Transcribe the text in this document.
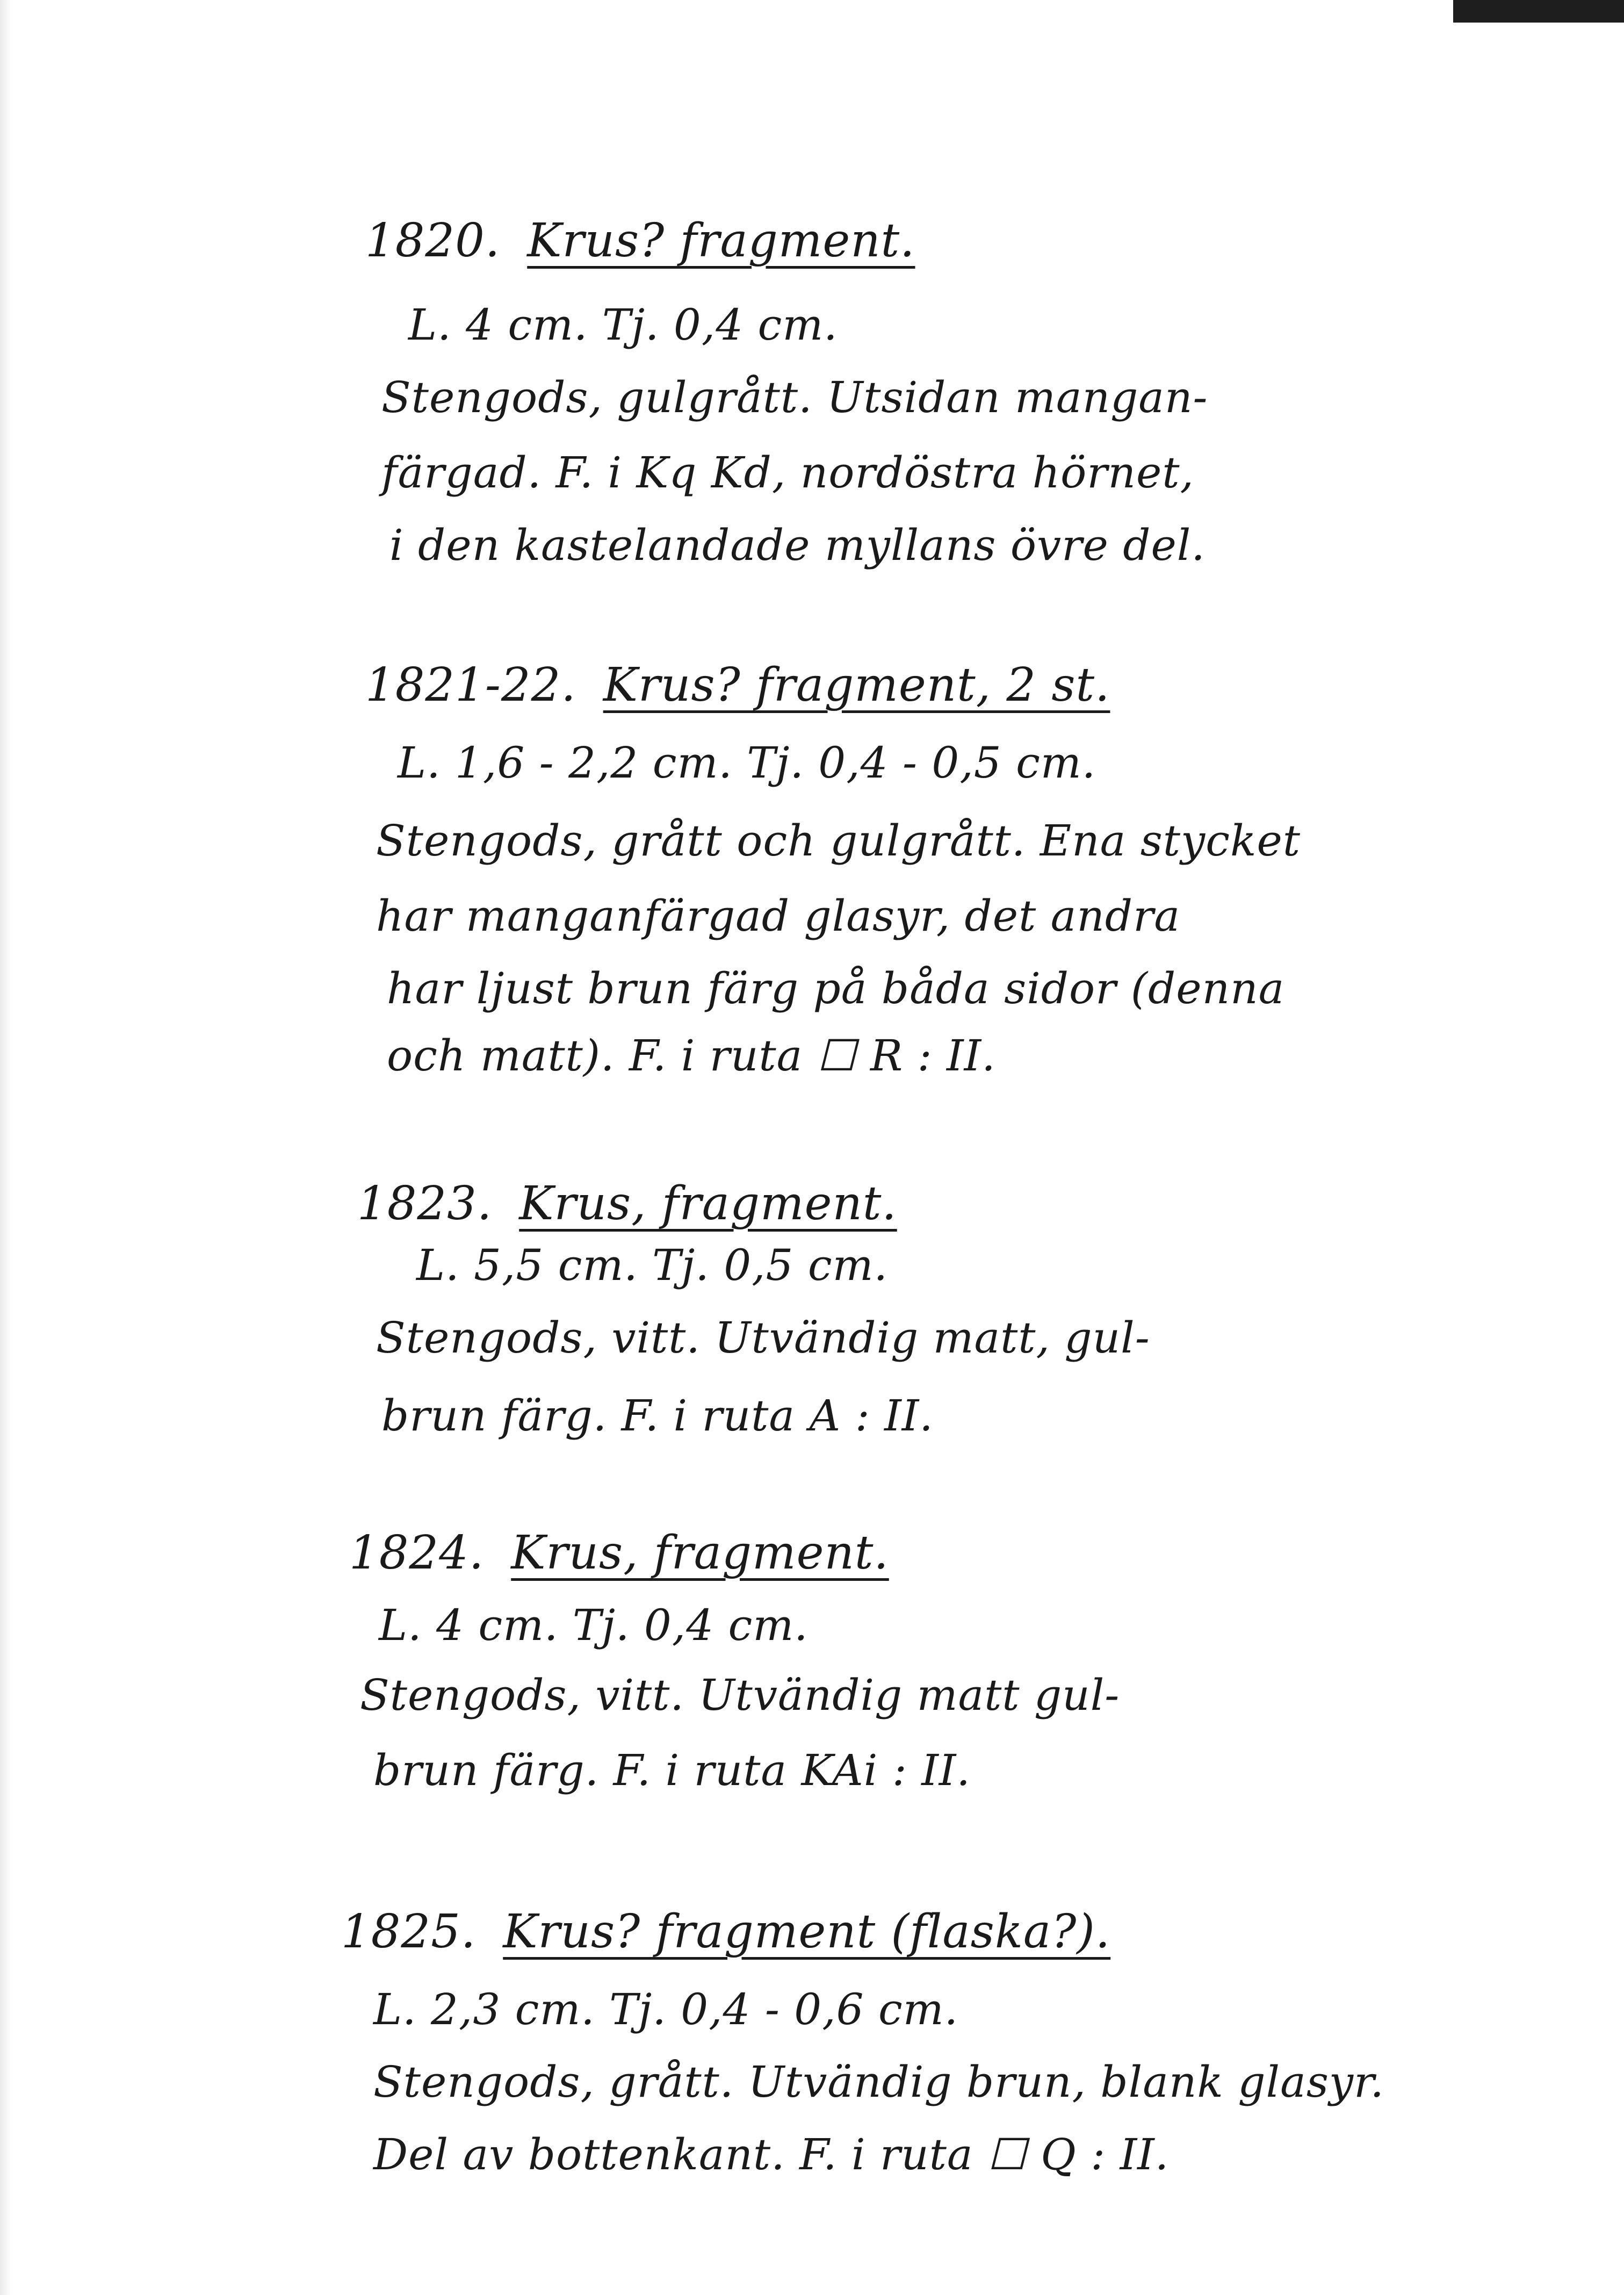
1820. Krus? fragment.
L. 4 cm. Tj. 0,4 cm.
Stengods, gulgrått. Utsidan mangan-
färgad. F. i Kq Kd, nordöstra hörnet,
i den kastelandade myllans övre del.
1821-22. Krus? fragment, 2 st.
L. 1,6 - 2,2 cm. Tj. 0,4 - 0,5 cm.
Stengods, grått och gulgrått. Ena stycket
har manganfärgad glasyr, det andra
har ljust brun färg på båda sidor (denna
och matt). F. i ruta ☐ R : II.
1823. Krus, fragment.
L. 5,5 cm. Tj. 0,5 cm.
Stengods, vitt. Utvändig matt, gul-
brun färg. F. i ruta A : II.
1824. Krus, fragment.
L. 4 cm. Tj. 0,4 cm.
Stengods, vitt. Utvändig matt gul-
brun färg. F. i ruta KAi : II.
1825. Krus? fragment (flaska?).
L. 2,3 cm. Tj. 0,4 - 0,6 cm.
Stengods, grått. Utvändig brun, blank glasyr.
Del av bottenkant. F. i ruta ☐ Q : II.
